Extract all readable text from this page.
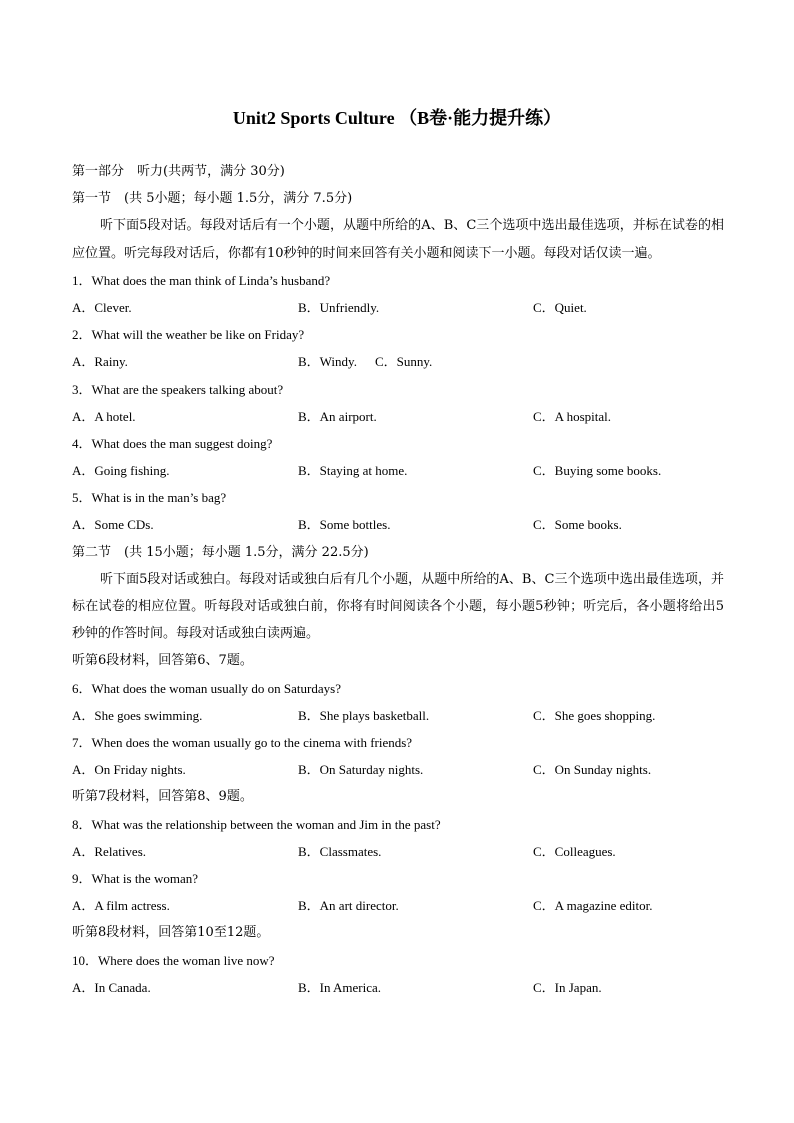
Unit2 Sports Culture （B卷·能力提升练）
第一部分　听力(共两节，满分 30分)
第一节　(共 5小题；每小题 1.5分，满分 7.5分)
听下面5段对话。每段对话后有一个小题，从题中所给的A、B、C三个选项中选出最佳选项，并标在试卷的相应位置。听完每段对话后，你都有10秒钟的时间来回答有关小题和阅读下一小题。每段对话仅读一遍。
1．What does the man think of Linda’s husband?
A．Clever.	B．Unfriendly.	C．Quiet.
2．What will the weather be like on Friday?
A．Rainy.	B．Windy. C．Sunny.
3．What are the speakers talking about?
A．A hotel.	B．An airport.	C．A hospital.
4．What does the man suggest doing?
A．Going fishing.	B．Staying at home.	C．Buying some books.
5．What is in the man’s bag?
A．Some CDs.	B．Some bottles.	C．Some books.
第二节　(共 15小题；每小题 1.5分，满分 22.5分)
听下面5段对话或独白。每段对话或独白后有几个小题，从题中所给的A、B、C三个选项中选出最佳选项，并标在试卷的相应位置。听每段对话或独白前，你将有时间阅读各个小题，每小题5秒钟；听完后，各小题将给出5秒钟的作答时间。每段对话或独白读两遍。
听第6段材料，回答第6、7题。
6．What does the woman usually do on Saturdays?
A．She goes swimming.	B．She plays basketball.	C．She goes shopping.
7．When does the woman usually go to the cinema with friends?
A．On Friday nights.	B．On Saturday nights.	C．On Sunday nights.
听第7段材料，回答第8、9题。
8．What was the relationship between the woman and Jim in the past?
A．Relatives.	B．Classmates.	C．Colleagues.
9．What is the woman?
A．A film actress.	B．An art director.	C．A magazine editor.
听第8段材料，回答第10至12题。
10．Where does the woman live now?
A．In Canada.	B．In America.	C．In Japan.
